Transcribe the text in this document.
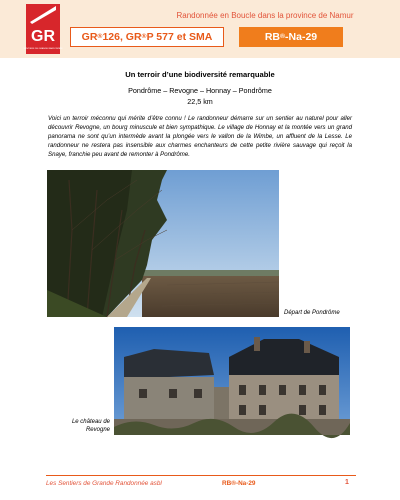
GR
SENTIERS DE GRANDE RANDONNÉE
Randonnée en Boucle dans la province de Namur
GR ® 126, GR ® P 577 et SMA	RB ® -Na-29
Un terroir d’une biodiversité remarquable
Pondrôme – Revogne – Honnay – Pondrôme
22,5 km
Voici un terroir méconnu qui mérite d’être connu ! Le randonneur démarre sur un sentier au naturel pour aller découvrir Revogne, un bourg minuscule et bien sympathique. Le village de Honnay et la montée vers un grand panorama ne sont qu’un intermède avant la plongée vers le vallon de la Wimbe, un affluent de la Lesse. Le randonneur ne restera pas insensible aux charmes enchanteurs de cette petite rivière sauvage qui reçoit la Snaye, franchie peu avant de remonter à Pondrôme.
Départ de Pondrôme
Le château de Revogne
Les Sentiers de Grande Randonnée asbl	RB®-Na-29	1
